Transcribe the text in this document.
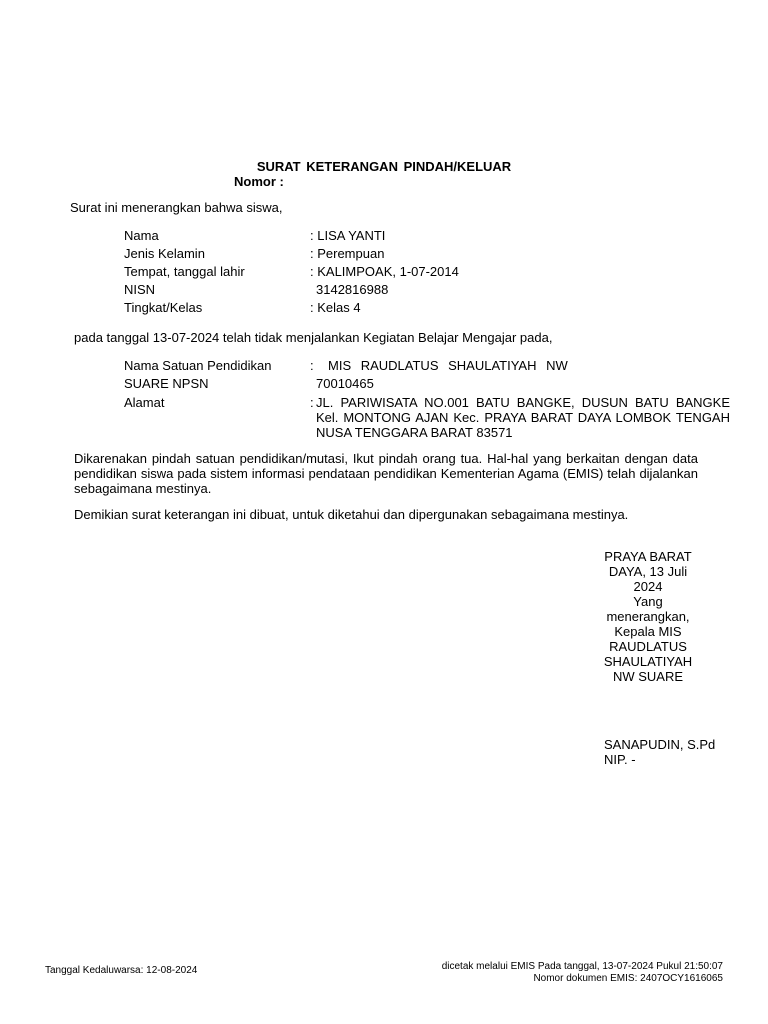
SURAT KETERANGAN PINDAH/KELUAR
Nomor :
Surat ini menerangkan bahwa siswa,
Nama	: LISA YANTI
Jenis Kelamin	: Perempuan
Tempat, tanggal lahir	: KALIMPOAK, 1-07-2014
NISN	3142816988
Tingkat/Kelas	: Kelas 4
pada tanggal 13-07-2024 telah tidak menjalankan Kegiatan Belajar Mengajar pada,
Nama Satuan Pendidikan	: MIS RAUDLATUS SHAULATIYAH NW
SUARE NPSN	70010465
Alamat	: JL. PARIWISATA NO.001 BATU BANGKE, DUSUN BATU BANGKE
Kel. MONTONG AJAN Kec. PRAYA BARAT DAYA LOMBOK TENGAH
NUSA TENGGARA BARAT 83571
Dikarenakan pindah satuan pendidikan/mutasi, Ikut pindah orang tua. Hal-hal yang berkaitan dengan data pendidikan siswa pada sistem informasi pendataan pendidikan Kementerian Agama (EMIS) telah dijalankan sebagaimana mestinya.
Demikian surat keterangan ini dibuat, untuk diketahui dan dipergunakan sebagaimana mestinya.
PRAYA BARAT
DAYA, 13 Juli
2024
Yang
menerangkan,
Kepala MIS
RAUDLATUS
SHAULATIYAH
NW SUARE
SANAPUDIN, S.Pd
NIP. -
Tanggal Kedaluwarsa: 12-08-2024	dicetak melalui EMIS Pada tanggal, 13-07-2024 Pukul 21:50:07
Nomor dokumen EMIS: 2407OCY1616065
